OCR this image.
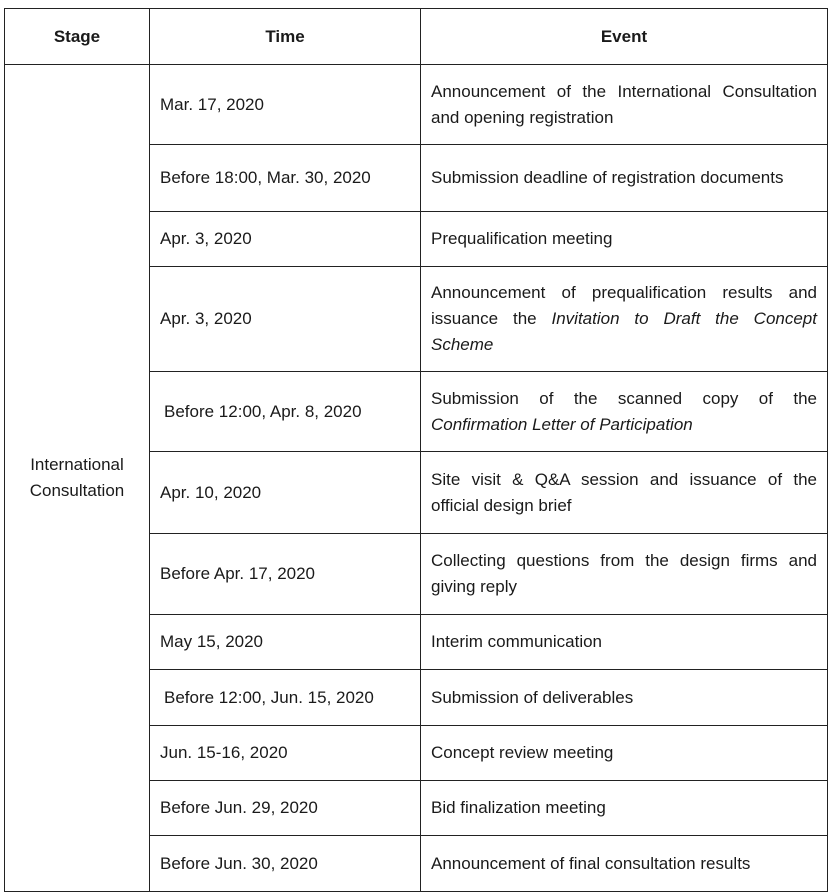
Stage	Time	Event
International Consultation	Mar. 17, 2020	Announcement of the International Consultation and opening registration
	Before 18:00, Mar. 30, 2020	Submission deadline of registration documents
	Apr. 3, 2020	Prequalification meeting
	Apr. 3, 2020	Announcement of prequalification results and issuance the Invitation to Draft the Concept Scheme
	Before 12:00, Apr. 8, 2020	Submission of the scanned copy of the Confirmation Letter of Participation
	Apr. 10, 2020	Site visit & Q&A session and issuance of the official design brief
	Before Apr. 17, 2020	Collecting questions from the design firms and giving reply
	May 15, 2020	Interim communication
	Before 12:00, Jun. 15, 2020	Submission of deliverables
	Jun. 15-16, 2020	Concept review meeting
	Before Jun. 29, 2020	Bid finalization meeting
	Before Jun. 30, 2020	Announcement of final consultation results
